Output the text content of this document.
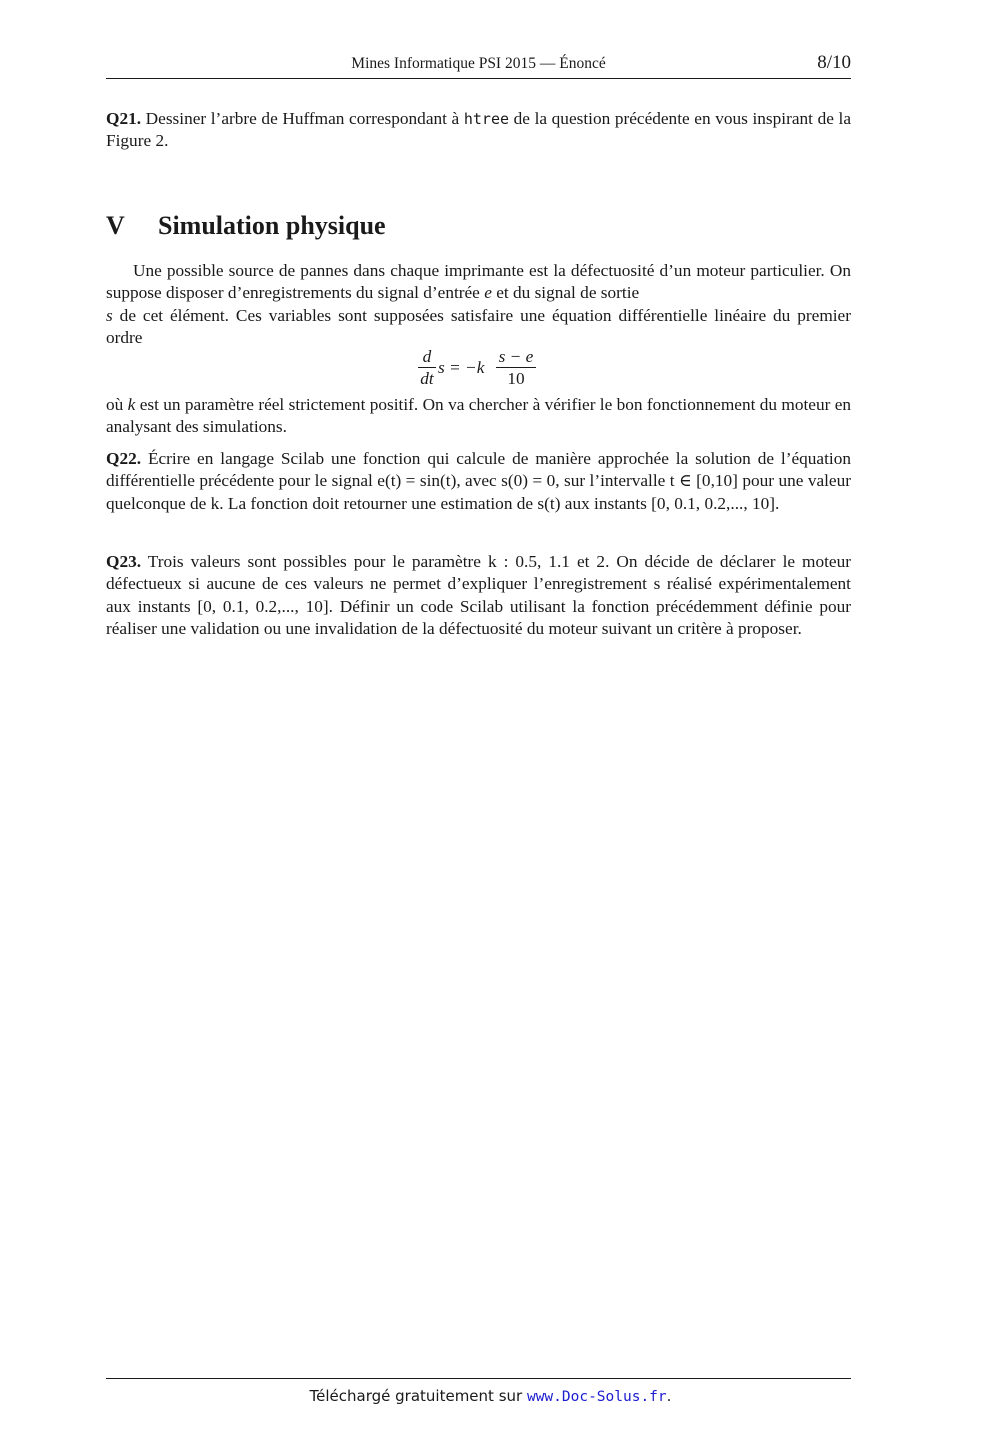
Mines Informatique PSI 2015 — Énoncé	8/10
Q21. Dessiner l’arbre de Huffman correspondant à htree de la question précédente en vous inspirant de la Figure 2.
V Simulation physique
Une possible source de pannes dans chaque imprimante est la défectuosité d’un moteur particulier. On suppose disposer d’enregistrements du signal d’entrée e et du signal de sortie
s de cet élément. Ces variables sont supposées satisfaire une équation différentielle linéaire du premier ordre
$\frac{d}{dt}$ $s = -k \frac{s - e}{10}$
où k est un paramètre réel strictement positif. On va chercher à vérifier le bon fonctionnement du moteur en analysant des simulations.
Q22. Écrire en langage Scilab une fonction qui calcule de manière approchée la solution de l’équation différentielle précédente pour le signal e(t) = sin(t), avec s(0) = 0, sur l’intervalle t ∈ [0,10] pour une valeur quelconque de k. La fonction doit retourner une estimation de s(t) aux instants [0, 0.1, 0.2,..., 10].
Q23. Trois valeurs sont possibles pour le paramètre k : 0.5, 1.1 et 2. On décide de déclarer le moteur défectueux si aucune de ces valeurs ne permet d’expliquer l’enregistrement s réalisé expérimentalement aux instants [0, 0.1, 0.2,..., 10]. Définir un code Scilab utilisant la fonction précédemment définie pour réaliser une validation ou une invalidation de la défectuosité du moteur suivant un critère à proposer.
Téléchargé gratuitement sur www.Doc-Solus.fr.
